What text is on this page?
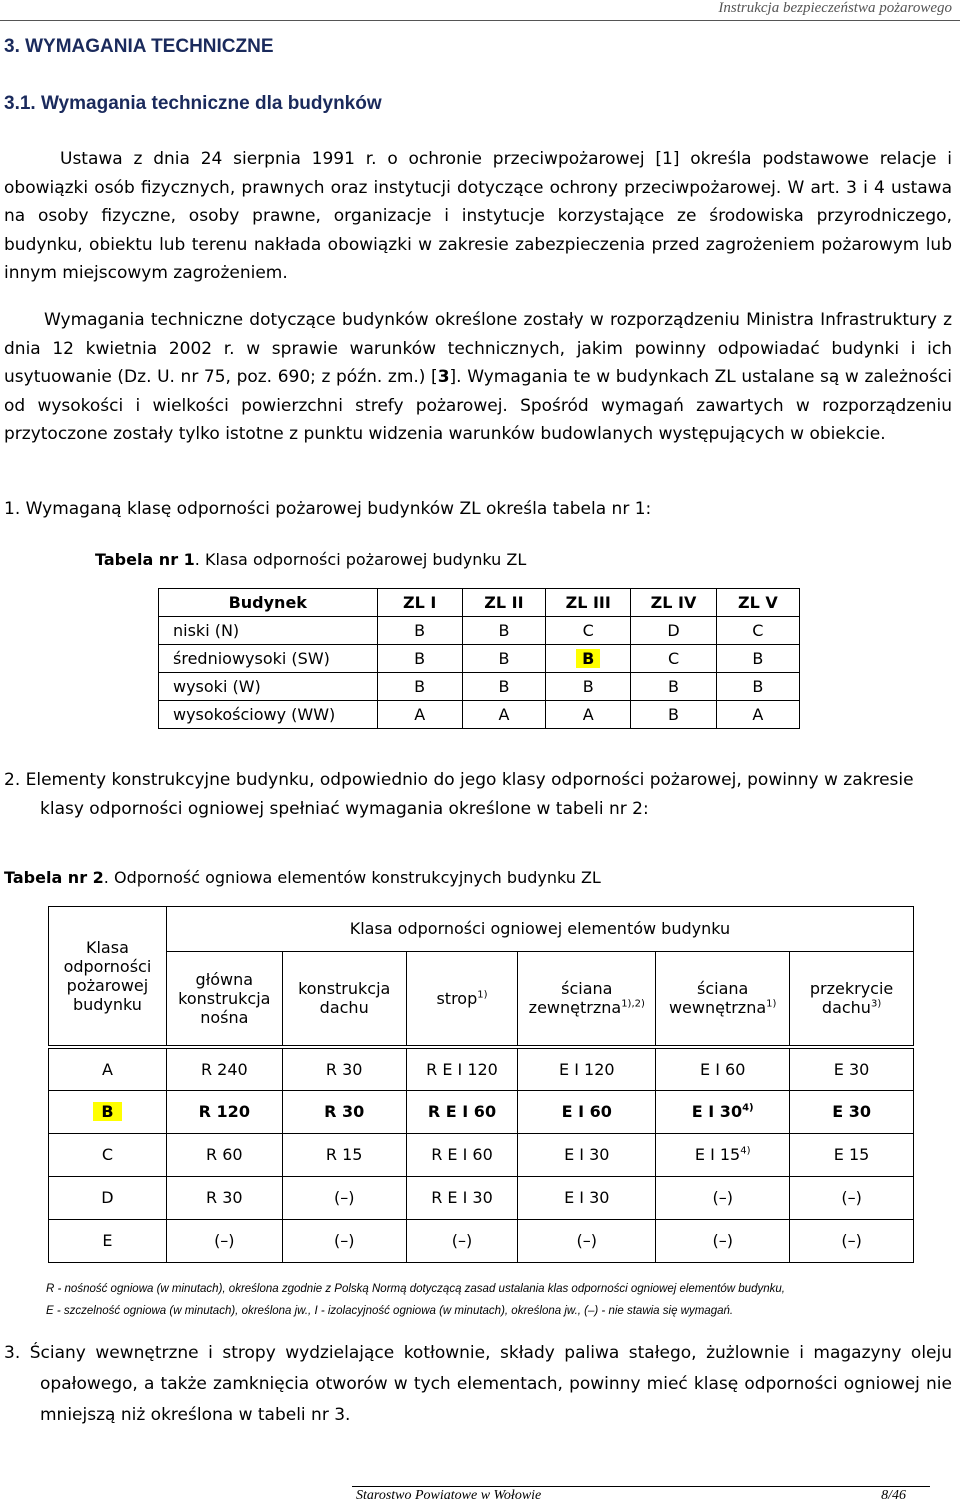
Instrukcja bezpieczeństwa pożarowego
3. WYMAGANIA TECHNICZNE
3.1. Wymagania techniczne dla budynków
Ustawa z dnia 24 sierpnia 1991 r. o ochronie przeciwpożarowej [1] określa podstawowe relacje i obowiązki osób fizycznych, prawnych oraz instytucji dotyczące ochrony przeciwpożarowej. W art. 3 i 4 ustawa na osoby fizyczne, osoby prawne, organizacje i instytucje korzystające ze środowiska przyrodniczego, budynku, obiektu lub terenu nakłada obowiązki w zakresie zabezpieczenia przed zagrożeniem pożarowym lub innym miejscowym zagrożeniem.
Wymagania techniczne dotyczące budynków określone zostały w rozporządzeniu Ministra Infrastruktury z dnia 12 kwietnia 2002 r. w sprawie warunków technicznych, jakim powinny odpowiadać budynki i ich usytuowanie (Dz. U. nr 75, poz. 690; z późn. zm.) [3]. Wymagania te w budynkach ZL ustalane są w zależności od wysokości i wielkości powierzchni strefy pożarowej. Spośród wymagań zawartych w rozporządzeniu przytoczone zostały tylko istotne z punktu widzenia warunków budowlanych występujących w obiekcie.
1. Wymaganą klasę odporności pożarowej budynków ZL określa tabela nr 1:
Tabela nr 1. Klasa odporności pożarowej budynku ZL
Budynek	ZL I	ZL II	ZL III	ZL IV	ZL V
niski (N)	B	B	C	D	C
średniowysoki (SW)	B	B	B	C	B
wysoki (W)	B	B	B	B	B
wysokościowy (WW)	A	A	A	B	A
2. Elementy konstrukcyjne budynku, odpowiednio do jego klasy odporności pożarowej, powinny w zakresie klasy odporności ogniowej spełniać wymagania określone w tabeli nr 2:
Tabela nr 2. Odporność ogniowa elementów konstrukcyjnych budynku ZL
Klasa odporności pożarowej budynku	Klasa odporności ogniowej elementów budynku					
	główna konstrukcja nośna	konstrukcja dachu	strop$^{1)}$	ściana zewnętrzna$^{1),2)}$	ściana wewnętrzna$^{1)}$	przekrycie dachu$^{3)}$
A	R 240	R 30	R E I 120	E I 120	E I 60	E 30
B	R 120	R 30	R E I 60	E I 60	E I 30$^{4)}$	E 30
C	R 60	R 15	R E I 60	E I 30	E I 15$^{4)}$	E 15
D	R 30	(–)	R E I 30	E I 30	(–)	(–)
E	(–)	(–)	(–)	(–)	(–)	(–)
R - nośność ogniowa (w minutach), określona zgodnie z Polską Normą dotyczącą zasad ustalania klas odporności ogniowej elementów budynku,
E - szczelność ogniowa (w minutach), określona jw., I - izolacyjność ogniowa (w minutach), określona jw., (–) - nie stawia się wymagań.
3. Ściany wewnętrzne i stropy wydzielające kotłownie, składy paliwa stałego, żużlownie i magazyny oleju opałowego, a także zamknięcia otworów w tych elementach, powinny mieć klasę odporności ogniowej nie mniejszą niż określona w tabeli nr 3.
Starostwo Powiatowe w Wołowie	8/46
